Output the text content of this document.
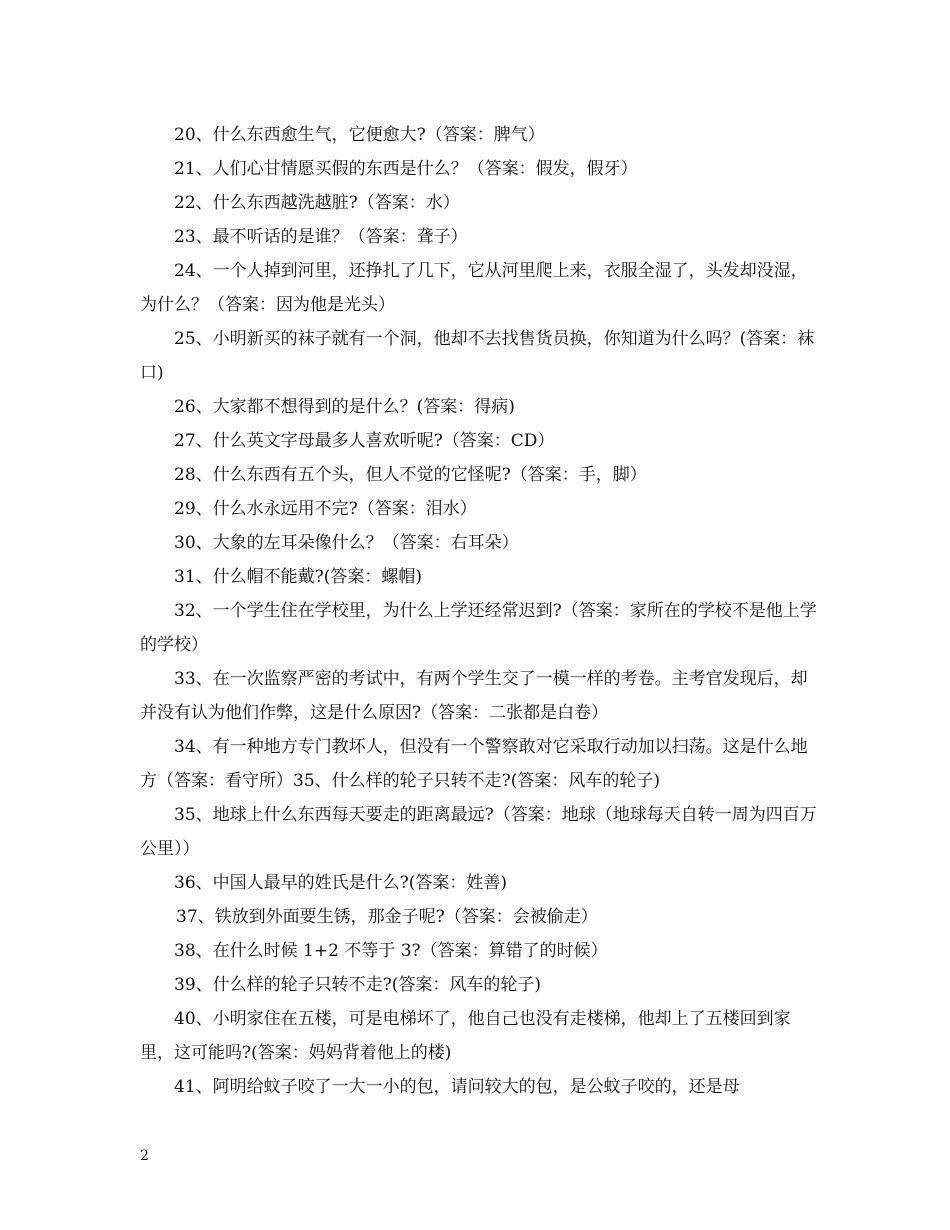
20、什么东西愈生气，它便愈大?（答案：脾气）

21、人们心甘情愿买假的东西是什么？（答案：假发，假牙）

22、什么东西越洗越脏?（答案：水）

23、最不听话的是谁？（答案：聋子）

24、一个人掉到河里，还挣扎了几下，它从河里爬上来，衣服全湿了，头发却没湿，为什么？（答案：因为他是光头）

25、小明新买的袜子就有一个洞，他却不去找售货员换，你知道为什么吗？(答案：袜口)

26、大家都不想得到的是什么？(答案：得病)

27、什么英文字母最多人喜欢听呢?（答案：CD）

28、什么东西有五个头，但人不觉的它怪呢?（答案：手，脚）

29、什么水永远用不完?（答案：泪水）

30、大象的左耳朵像什么？（答案：右耳朵）

31、什么帽不能戴?(答案：螺帽)

32、一个学生住在学校里，为什么上学还经常迟到?（答案：家所在的学校不是他上学的学校）

33、在一次监察严密的考试中，有两个学生交了一模一样的考卷。主考官发现后，却并没有认为他们作弊，这是什么原因?（答案：二张都是白卷）

34、有一种地方专门教坏人，但没有一个警察敢对它采取行动加以扫荡。这是什么地方（答案：看守所）35、什么样的轮子只转不走?(答案：风车的轮子)

35、地球上什么东西每天要走的距离最远?（答案：地球（地球每天自转一周为四百万公里））

36、中国人最早的姓氏是什么?(答案：姓善)

37、铁放到外面要生锈，那金子呢?（答案：会被偷走）

38、在什么时候 1+2 不等于 3?（答案：算错了的时候）

39、什么样的轮子只转不走?(答案：风车的轮子)

40、小明家住在五楼，可是电梯坏了，他自己也没有走楼梯，他却上了五楼回到家里，这可能吗?(答案：妈妈背着他上的楼)

41、阿明给蚊子咬了一大一小的包，请问较大的包，是公蚊子咬的，还是母

2
